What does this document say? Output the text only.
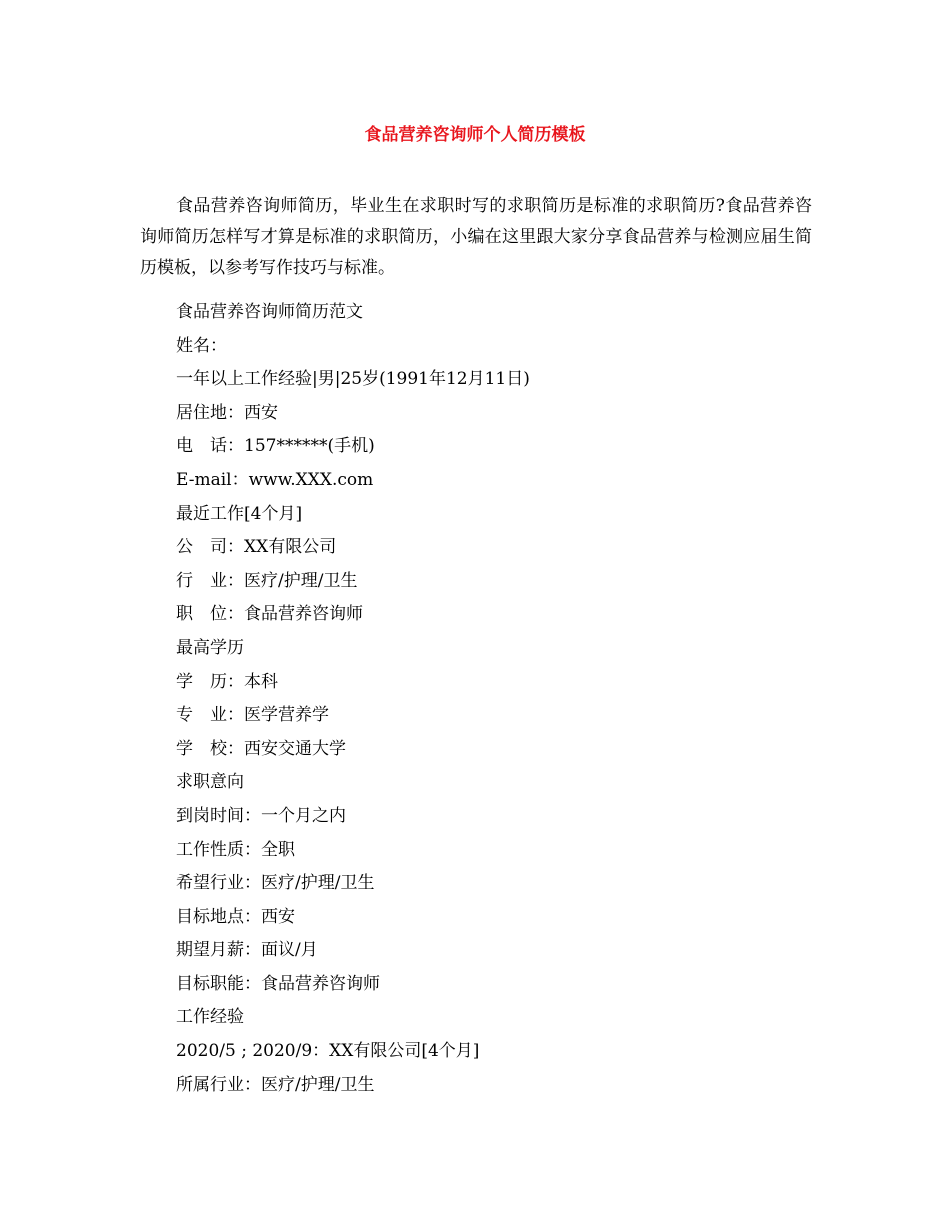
食品营养咨询师个人简历模板

食品营养咨询师简历，毕业生在求职时写的求职简历是标准的求职简历?食品营养咨询师简历怎样写才算是标准的求职简历，小编在这里跟大家分享食品营养与检测应届生简历模板，以参考写作技巧与标准。

食品营养咨询师简历范文
姓名：
一年以上工作经验|男|25岁(1991年12月11日)
居住地：西安
电　话：157******(手机)
E-mail：www.XXX.com
最近工作[4个月]
公　司：XX有限公司
行　业：医疗/护理/卫生
职　位：食品营养咨询师
最高学历
学　历：本科
专　业：医学营养学
学　校：西安交通大学
求职意向
到岗时间：一个月之内
工作性质：全职
希望行业：医疗/护理/卫生
目标地点：西安
期望月薪：面议/月
目标职能：食品营养咨询师
工作经验
2020/5 ; 2020/9：XX有限公司[4个月]
所属行业：医疗/护理/卫生
